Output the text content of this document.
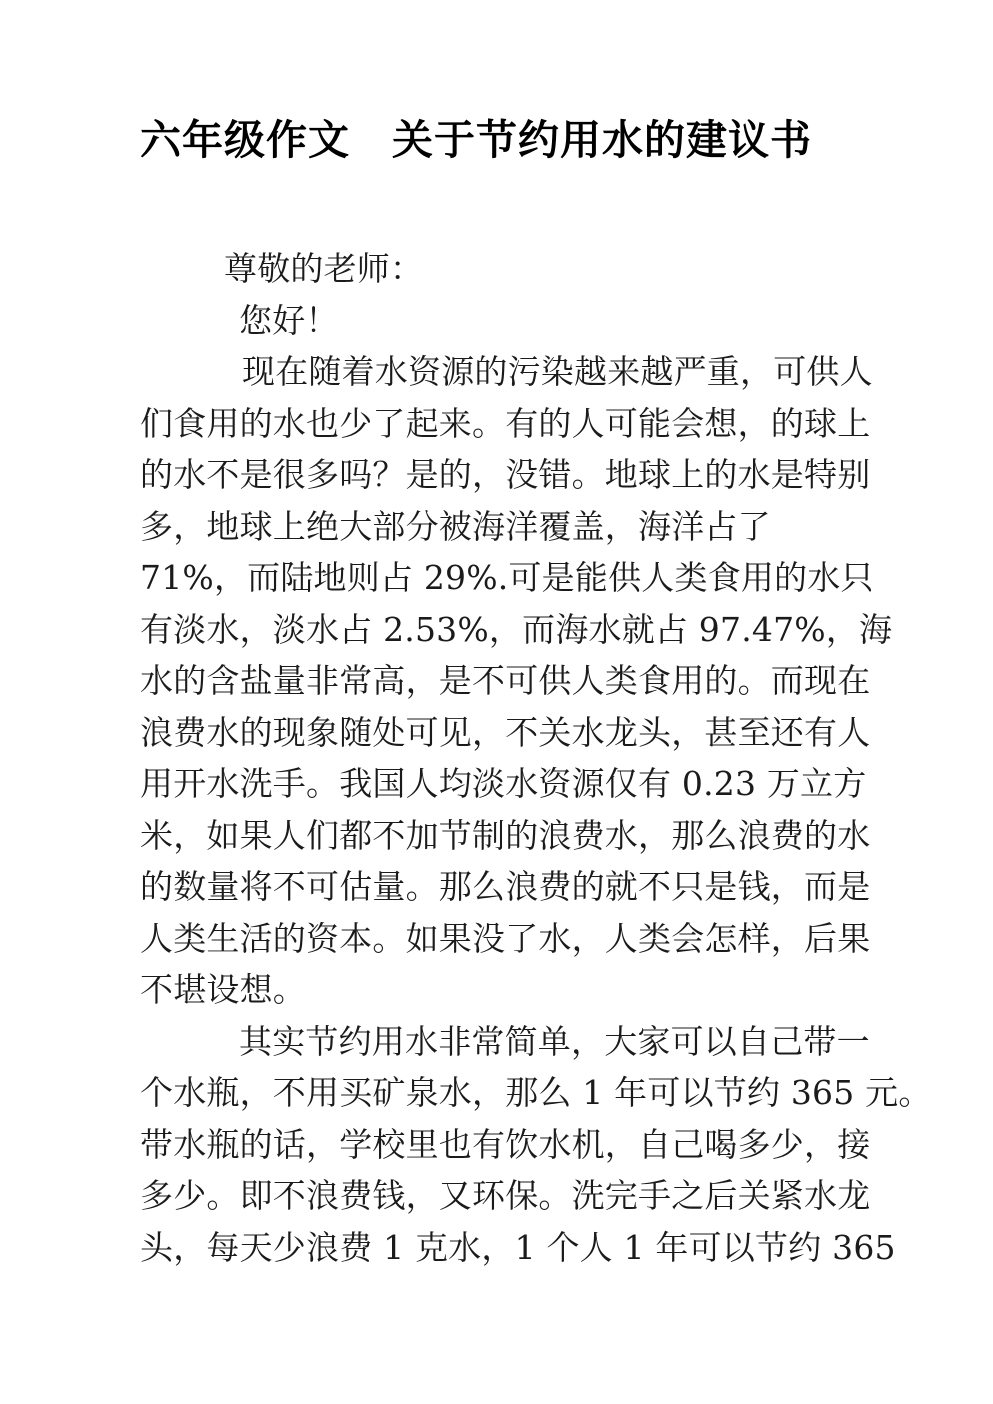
六年级作文　关于节约用水的建议书
尊敬的老师：
您好！
现在随着水资源的污染越来越严重，可供人
们食用的水也少了起来。有的人可能会想，的球上
的水不是很多吗？是的，没错。地球上的水是特别
多，地球上绝大部分被海洋覆盖，海洋占了
71%，而陆地则占 29%.可是能供人类食用的水只
有淡水，淡水占 2.53%，而海水就占 97.47%，海
水的含盐量非常高，是不可供人类食用的。而现在
浪费水的现象随处可见，不关水龙头，甚至还有人
用开水洗手。我国人均淡水资源仅有 0.23 万立方
米，如果人们都不加节制的浪费水，那么浪费的水
的数量将不可估量。那么浪费的就不只是钱，而是
人类生活的资本。如果没了水，人类会怎样，后果
不堪设想。
其实节约用水非常简单，大家可以自己带一
个水瓶，不用买矿泉水，那么 1 年可以节约 365 元。
带水瓶的话，学校里也有饮水机，自己喝多少，接
多少。即不浪费钱，又环保。洗完手之后关紧水龙
头，每天少浪费 1 克水，1 个人 1 年可以节约 365
